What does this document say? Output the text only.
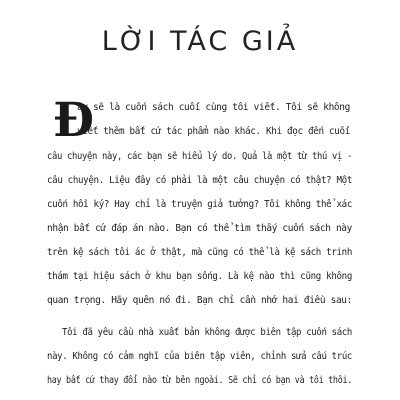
LỜI TÁC GIẢ
Đ
ây sẽ là cuốn sách cuối cùng tôi viết. Tôi sẽ không
viết thêm bất cứ tác phẩm nào khác. Khi đọc đến cuối
câu chuyện này, các bạn sẽ hiểu lý do. Quả là một từ thú vị -
câu chuyện. Liệu đây có phải là một câu chuyện có thật? Một
cuốn hồi ký? Hay chỉ là truyện giả tưởng? Tôi không thể xác
nhận bất cứ đáp án nào. Bạn có thể tìm thấy cuốn sách này
trên kệ sách tôi ác ở thật, mà cũng có thể là kệ sách trinh
thám tại hiệu sách ở khu bạn sống. Là kệ nào thì cũng không
quan trọng. Hãy quên nó đi. Bạn chỉ cần nhớ hai điều sau:
Tôi đã yêu cầu nhà xuất bản không được biên tập cuốn sách
này. Không có cảm nghĩ của biên tập viên, chỉnh sửa cấu trúc
hay bất cứ thay đổi nào từ bên ngoài. Sẽ chỉ có bạn và tôi thôi.
